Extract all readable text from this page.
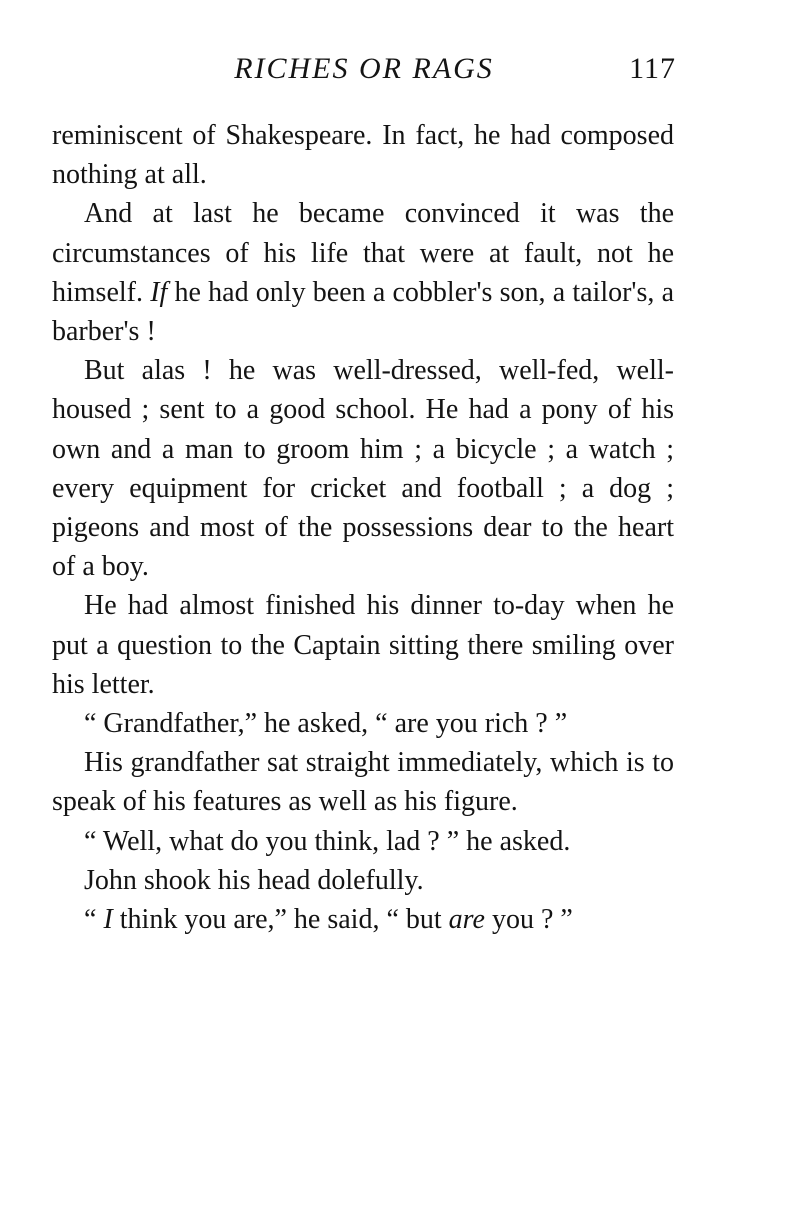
RICHES OR RAGS	117

reminiscent of Shakespeare. In fact, he had composed nothing at all.

And at last he became convinced it was the circumstances of his life that were at fault, not he himself. If he had only been a cobbler's son, a tailor's, a barber's !

But alas ! he was well-dressed, well-fed, well-housed ; sent to a good school. He had a pony of his own and a man to groom him ; a bicycle ; a watch ; every equipment for cricket and football ; a dog ; pigeons and most of the possessions dear to the heart of a boy.

He had almost finished his dinner to-day when he put a question to the Captain sitting there smiling over his letter.

“ Grandfather,” he asked, “ are you rich ? ”

His grandfather sat straight immediately, which is to speak of his features as well as his figure.

“ Well, what do you think, lad ? ” he asked.

John shook his head dolefully.

“ I think you are,” he said, “ but are you ? ”
